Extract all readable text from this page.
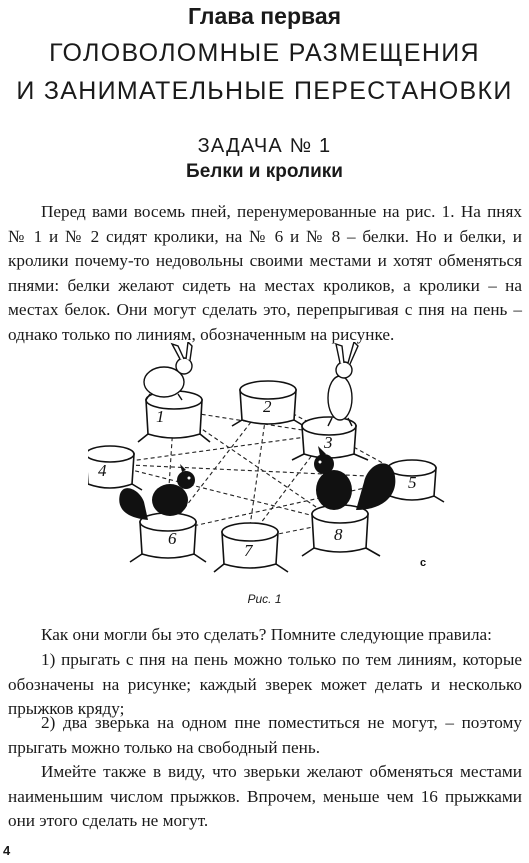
Глава первая
ГОЛОВОЛОМНЫЕ РАЗМЕЩЕНИЯ
И ЗАНИМАТЕЛЬНЫЕ ПЕРЕСТАНОВКИ
ЗАДАЧА № 1
Белки и кролики

Перед вами восемь пней, перенумерованные на рис. 1. На пнях № 1 и № 2 сидят кролики, на № 6 и № 8 – белки. Но и белки, и кролики почему-то недовольны своими местами и хотят обменяться пнями: белки желают сидеть на местах кроликов, а кролики – на местах белок. Они могут сделать это, перепрыгивая с пня на пень – однако только по линиям, обозначенным на рисунке.

1
2
3
4
5
6
7
8
c
Рис. 1

Как они могли бы это сделать? Помните следующие правила:

1) прыгать с пня на пень можно только по тем линиям, которые обозначены на рисунке; каждый зверек может делать и несколько прыжков кряду;

2) два зверька на одном пне поместиться не могут, – поэтому прыгать можно только на свободный пень.

Имейте также в виду, что зверьки желают обменяться местами наименьшим числом прыжков. Впрочем, меньше чем 16 прыжками они этого сделать не могут.

4
